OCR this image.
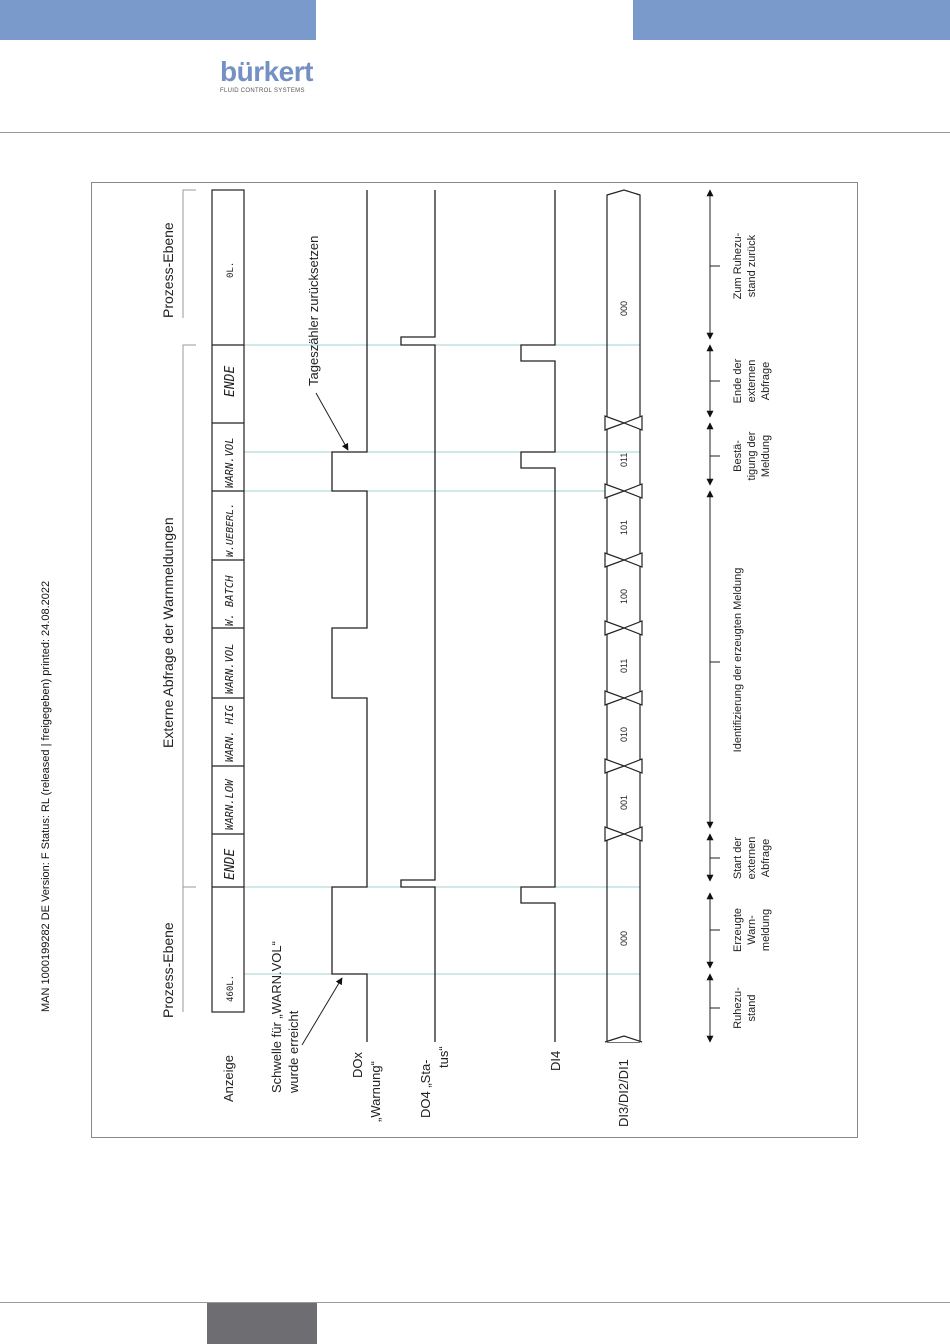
bürkert
FLUID CONTROL SYSTEMS
MAN 1000199282 DE Version: F Status: RL (released | freigegeben) printed: 24.08.2022	Prozess-Ebene
Externe Abfrage der Warnmeldungen
Prozess-Ebene
460L.
ENDE
WARN.LOW
WARN. HIG
WARN.VOL
W. BATCH
W.UEBERL.
WARN.VOL
ENDE
0L.
000
001
010
011
100
101
011
000
Anzeige	Schwelle für „WARN.VOL“ wurde erreicht	DOx „Warnung“	DO4 „Sta-
tus“	DI4	DI3/DI2/DI1
Tageszähler zurücksetzen
Ruhezu- stand
Erzeugte Warn- meldung
Start der externen Abfrage
Identifizierung der erzeugten Meldung
Bestä- tigung der Meldung
Ende der externen Abfrage
Zum Ruhezu- stand zurück
